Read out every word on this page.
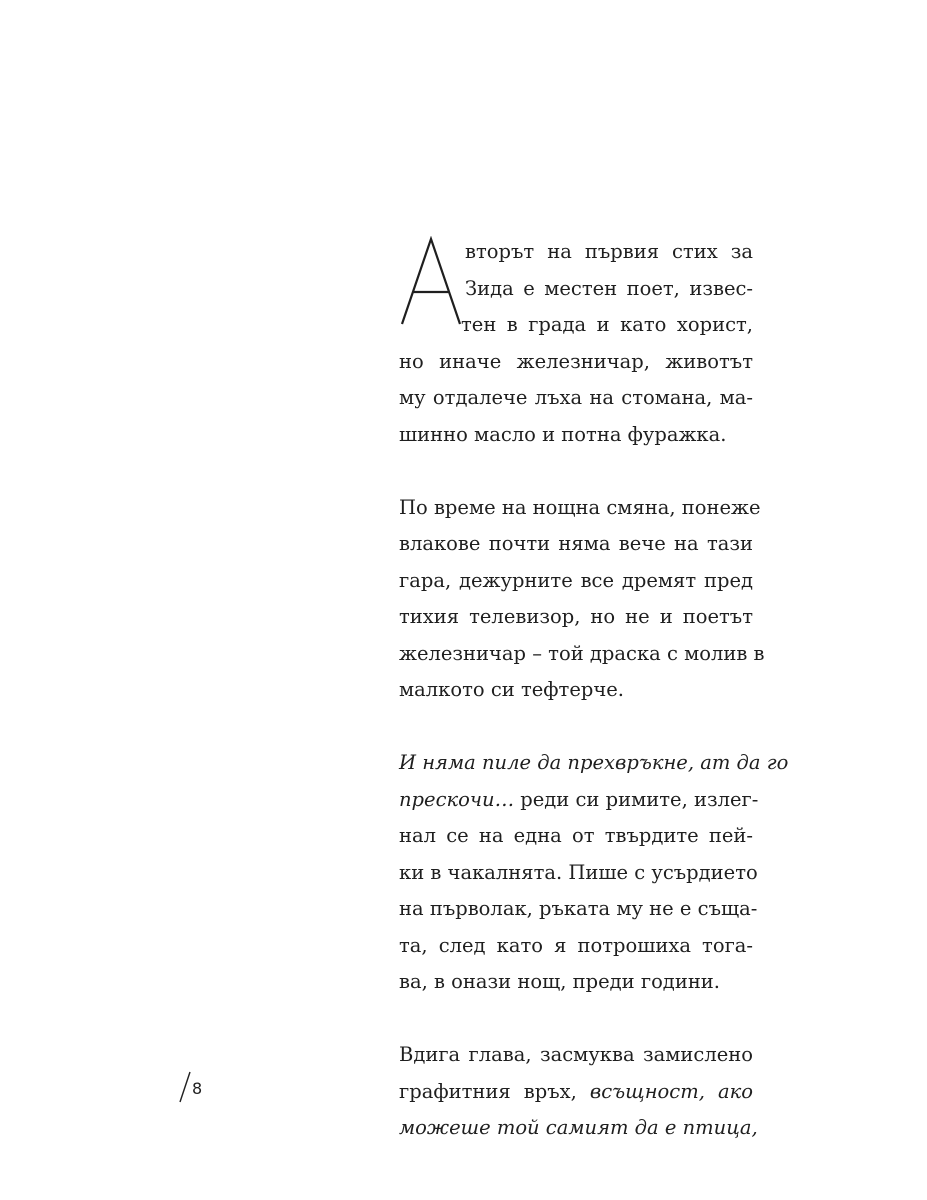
вторът на първия стих за
Зида е местен поет, извес-
тен в града и като хорист,
но иначе железничар, животът
му отдалече лъха на стомана, ма-
шинно масло и потна фуражка.
По време на нощна смяна, понеже
влакове почти няма вече на тази
гара, дежурните все дремят пред
тихия телевизор, но не и поетът
железничар – той драска с молив в
малкото си тефтерче.
И няма пиле да прехвръкне, ат да го
прескочи… реди си римите, излег-
нал се на една от твърдите пей-
ки в чакалнята. Пише с усърдието
на първолак, ръката му не е съща-
та, след като я потрошиха тога-
ва, в онази нощ, преди години.
Вдига глава, засмуква замислено
графитния връх, всъщност, ако
можеше той самият да е птица,
8
